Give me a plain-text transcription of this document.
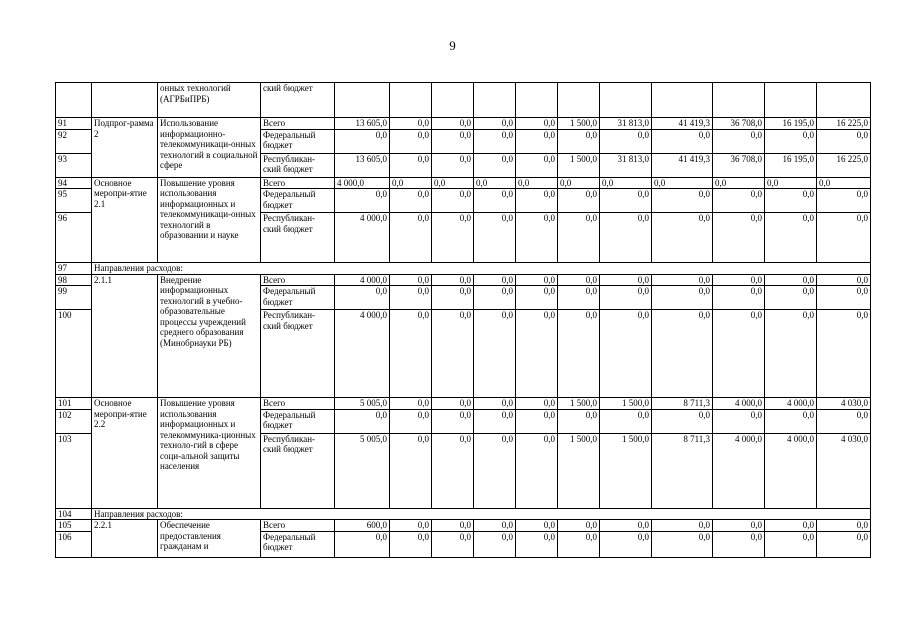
9
		онных технологий (АГРБиПРБ)	ский бюджет											
91	Подпрог-рамма 2	Использование информационно-телекоммуникаци-онных технологий в социальной сфере	Всего	13 605,0	0,0	0,0	0,0	0,0	1 500,0	31 813,0	41 419,3	36 708,0	16 195,0	16 225,0
92			Федеральный бюджет	0,0	0,0	0,0	0,0	0,0	0,0	0,0	0,0	0,0	0,0	0,0
93			Республикан-ский бюджет	13 605,0	0,0	0,0	0,0	0,0	1 500,0	31 813,0	41 419,3	36 708,0	16 195,0	16 225,0
94	Основное меропри-ятие 2.1	Повышение уровня использования информационных и телекоммуникаци-онных технологий в образовании и науке	Всего	4 000,0	0,0	0,0	0,0	0,0	0,0	0,0	0,0	0,0	0,0	0,0
95			Федеральный бюджет	0,0	0,0	0,0	0,0	0,0	0,0	0,0	0,0	0,0	0,0	0,0
96			Республикан-ский бюджет	4 000,0	0,0	0,0	0,0	0,0	0,0	0,0	0,0	0,0	0,0	0,0
97	Направления расходов:													
98	2.1.1	Внедрение информационных технологий в учебно-образовательные процессы учреждений среднего образования (Минобрнауки РБ)	Всего	4 000,0	0,0	0,0	0,0	0,0	0,0	0,0	0,0	0,0	0,0	0,0
99			Федеральный бюджет	0,0	0,0	0,0	0,0	0,0	0,0	0,0	0,0	0,0	0,0	0,0
100			Республикан-ский бюджет	4 000,0	0,0	0,0	0,0	0,0	0,0	0,0	0,0	0,0	0,0	0,0
101	Основное меропри-ятие 2.2	Повышение уровня использования информационных и телекоммуника-ционных техноло-гий в сфере соци-альной защиты населения	Всего	5 005,0	0,0	0,0	0,0	0,0	1 500,0	1 500,0	8 711,3	4 000,0	4 000,0	4 030,0
102			Федеральный бюджет	0,0	0,0	0,0	0,0	0,0	0,0	0,0	0,0	0,0	0,0	0,0
103			Республикан-ский бюджет	5 005,0	0,0	0,0	0,0	0,0	1 500,0	1 500,0	8 711,3	4 000,0	4 000,0	4 030,0
104	Направления расходов:													
105	2.2.1	Обеспечение предоставления гражданам и	Всего	600,0	0,0	0,0	0,0	0,0	0,0	0,0	0,0	0,0	0,0	0,0
106			Федеральный бюджет	0,0	0,0	0,0	0,0	0,0	0,0	0,0	0,0	0,0	0,0	0,0
